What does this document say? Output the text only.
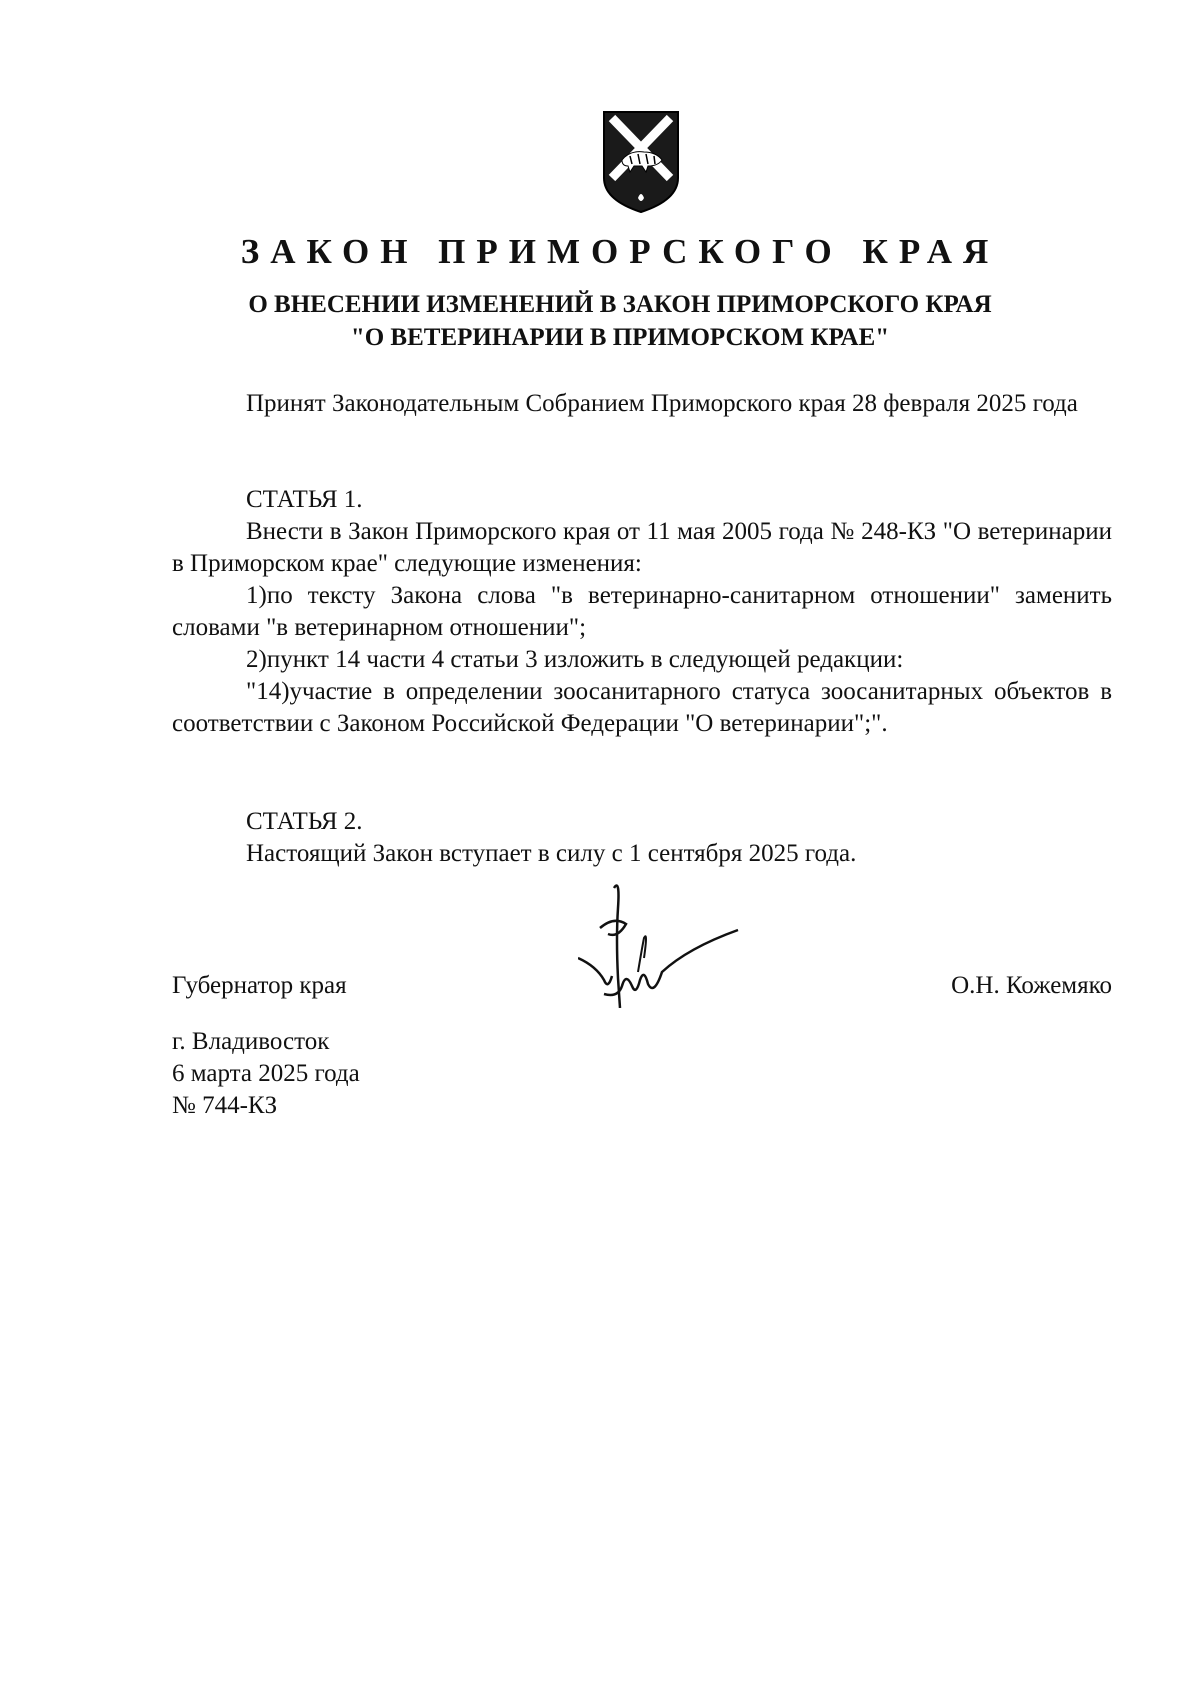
ЗАКОН ПРИМОРСКОГО КРАЯ
О ВНЕСЕНИИ ИЗМЕНЕНИЙ В ЗАКОН ПРИМОРСКОГО КРАЯ
"О ВЕТЕРИНАРИИ В ПРИМОРСКОМ КРАЕ"

Принят Законодательным Собранием Приморского края 28 февраля 2025 года

СТАТЬЯ 1.

Внести в Закон Приморского края от 11 мая 2005 года № 248-КЗ "О ветеринарии в Приморском крае" следующие изменения:

1)по тексту Закона слова "в ветеринарно-санитарном отношении" заменить словами "в ветеринарном отношении";

2)пункт 14 части 4 статьи 3 изложить в следующей редакции:

"14)участие в определении зоосанитарного статуса зоосанитарных объектов в соответствии с Законом Российской Федерации "О ветеринарии";".

СТАТЬЯ 2.

Настоящий Закон вступает в силу с 1 сентября 2025 года.

Губернатор края	О.Н. Кожемяко
г. Владивосток
6 марта 2025 года
№ 744-КЗ
